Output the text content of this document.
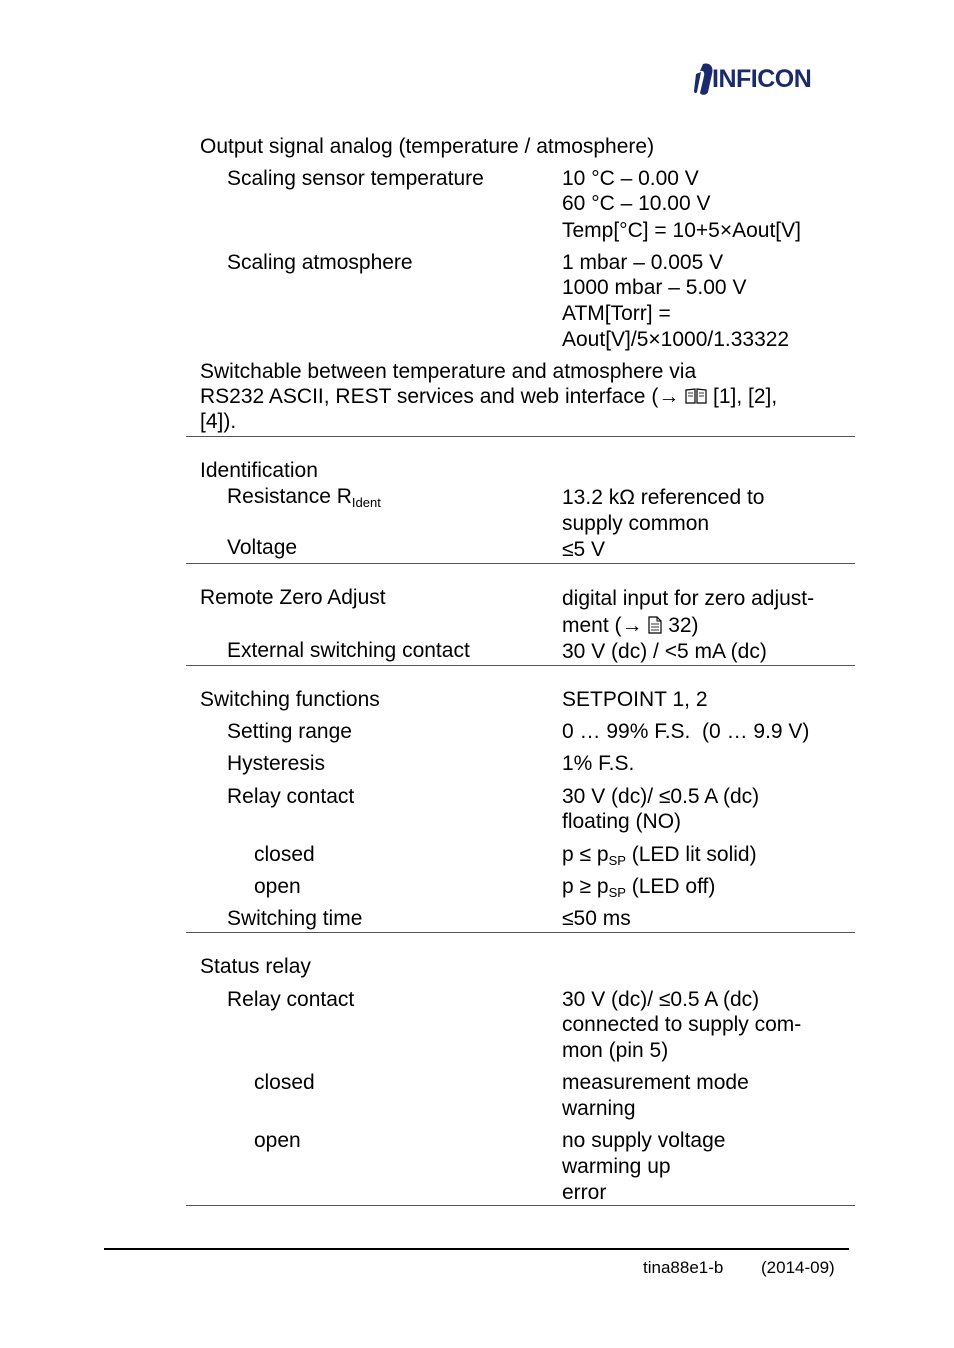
INFICON
Output signal analog (temperature / atmosphere)
Scaling sensor temperature	10 °C – 0.00 V
60 °C – 10.00 V
Temp[°C] = 10+5×Aout[V]
Scaling atmosphere	1 mbar – 0.005 V
1000 mbar – 5.00 V
ATM[Torr] =
Aout[V]/5×1000/1.33322
Switchable between temperature and atmosphere via
RS232 ASCII, REST services and web interface (→  [1], [2],
[4]).
Identification
Resistance $R_{Ident}$	13.2 kΩ referenced to
supply common
Voltage	≤5 V
Remote Zero Adjust	digital input for zero adjust-
ment (→  32)
External switching contact	30 V (dc) / <5 mA (dc)
Switching functions	SETPOINT 1, 2
Setting range	0 … 99% F.S.  (0 … 9.9 V)
Hysteresis	1% F.S.
Relay contact	30 V (dc)/ ≤0.5 A (dc)
floating (NO)
closed	$p \le p_{SP}$ (LED lit solid)
open	$p \ge p_{SP}$ (LED off)
Switching time	≤50 ms
Status relay
Relay contact	30 V (dc)/ ≤0.5 A (dc)
connected to supply com-
mon (pin 5)
closed	measurement mode
warning
open	no supply voltage
warming up
error
tina88e1-b (2014-09)
